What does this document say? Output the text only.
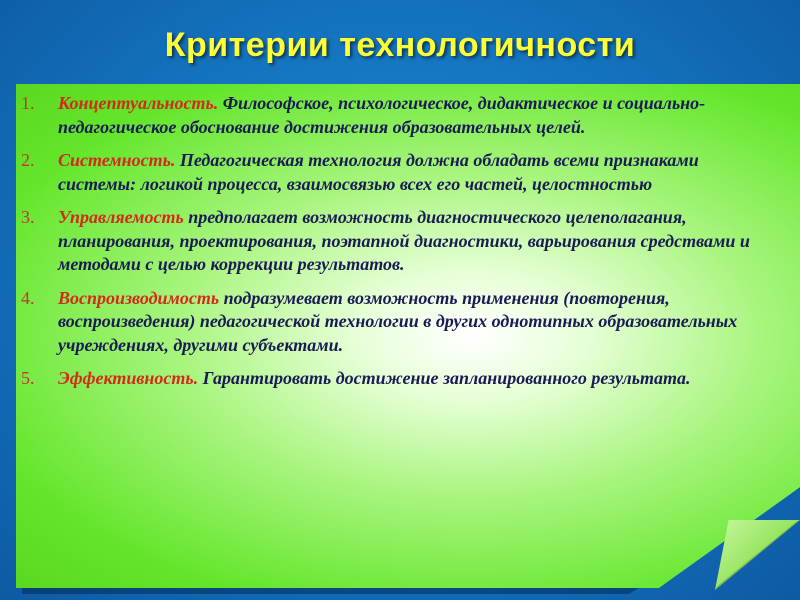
Критерии технологичности
1. Концептуальность. Философское, психологическое, дидактическое и социально-педагогическое обоснование достижения образовательных целей.
2. Системность. Педагогическая технология должна обладать всеми признаками системы: логикой процесса, взаимосвязью всех его частей, целостностью
3. Управляемость предполагает возможность диагностического целеполагания, планирования, проектирования, поэтапной диагностики, варьирования средствами и методами с целью коррекции результатов.
4. Воспроизводимость подразумевает возможность применения (повторения, воспроизведения) педагогической технологии в других однотипных образовательных учреждениях, другими субъектами.
5. Эффективность. Гарантировать достижение запланированного результата.
